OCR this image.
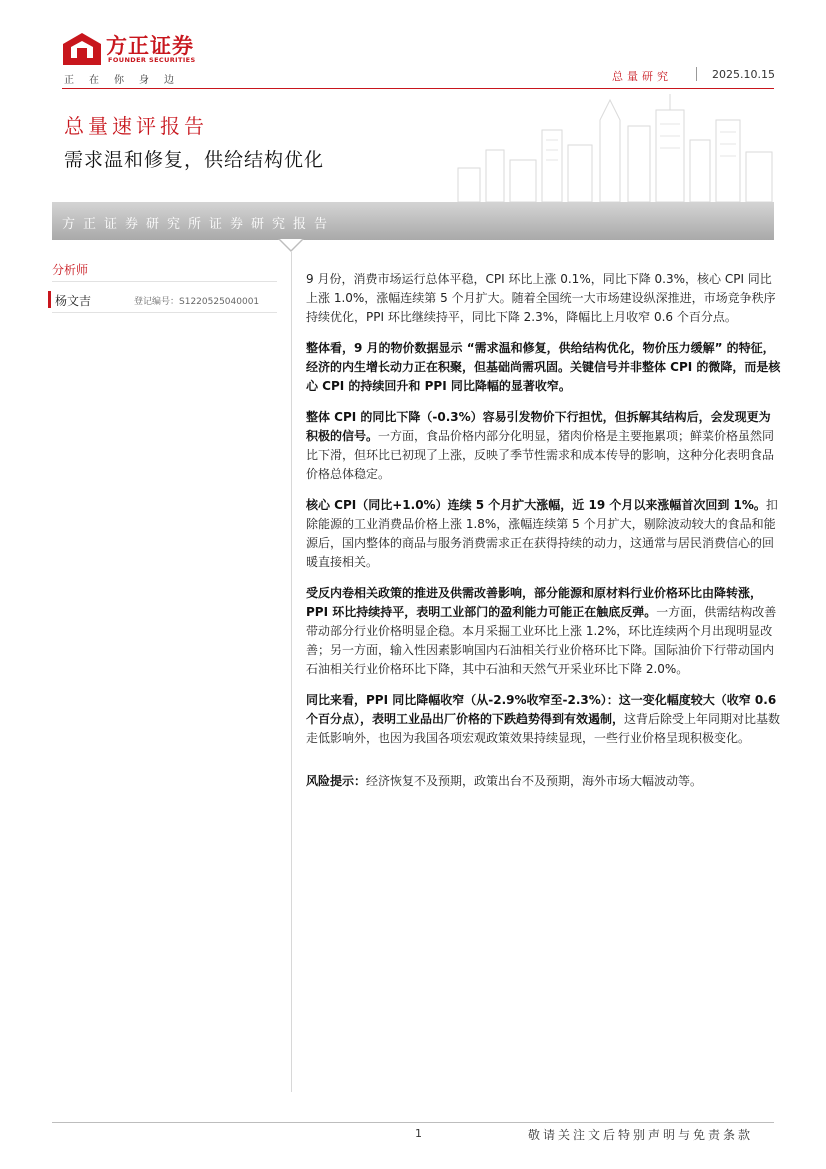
方正证券
FOUNDER SECURITIES
正在你身边	总量研究	2025.10.15
总量速评报告
需求温和修复，供给结构优化
方正证券研究所证券研究报告
分析师
杨文吉	登记编号：S1220525040001

9 月份，消费市场运行总体平稳，CPI 环比上涨 0.1%，同比下降 0.3%，核心 CPI 同比上涨 1.0%，涨幅连续第 5 个月扩大。随着全国统一大市场建设纵深推进，市场竞争秩序持续优化，PPI 环比继续持平，同比下降 2.3%，降幅比上月收窄 0.6 个百分点。

整体看，9 月的物价数据显示 “需求温和修复，供给结构优化，物价压力缓解” 的特征，经济的内生增长动力正在积聚，但基础尚需巩固。关键信号并非整体 CPI 的微降，而是核心 CPI 的持续回升和 PPI 同比降幅的显著收窄。

整体 CPI 的同比下降（-0.3%）容易引发物价下行担忧，但拆解其结构后，会发现更为积极的信号。一方面，食品价格内部分化明显，猪肉价格是主要拖累项；鲜菜价格虽然同比下滑，但环比已初现了上涨，反映了季节性需求和成本传导的影响，这种分化表明食品价格总体稳定。

核心 CPI（同比+1.0%）连续 5 个月扩大涨幅，近 19 个月以来涨幅首次回到 1%。扣除能源的工业消费品价格上涨 1.8%，涨幅连续第 5 个月扩大，剔除波动较大的食品和能源后，国内整体的商品与服务消费需求正在获得持续的动力，这通常与居民消费信心的回暖直接相关。

受反内卷相关政策的推进及供需改善影响，部分能源和原材料行业价格环比由降转涨，PPI 环比持续持平，表明工业部门的盈利能力可能正在触底反弹。一方面，供需结构改善带动部分行业价格明显企稳。本月采掘工业环比上涨 1.2%，环比连续两个月出现明显改善；另一方面，输入性因素影响国内石油相关行业价格环比下降。国际油价下行带动国内石油相关行业价格环比下降，其中石油和天然气开采业环比下降 2.0%。

同比来看，PPI 同比降幅收窄（从-2.9%收窄至-2.3%）：这一变化幅度较大（收窄 0.6 个百分点），表明工业品出厂价格的下跌趋势得到有效遏制，这背后除受上年同期对比基数走低影响外，也因为我国各项宏观政策效果持续显现，一些行业价格呈现积极变化。

风险提示：经济恢复不及预期，政策出台不及预期，海外市场大幅波动等。

1	敬请关注文后特别声明与免责条款
